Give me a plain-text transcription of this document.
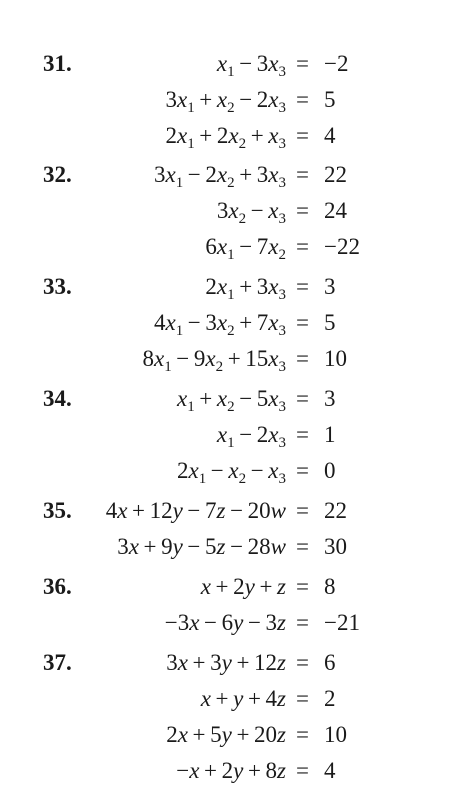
31.	$x_1 - 3x_3 = -2$
$3x_1 + x_2 - 2x_3 = 5$
$2x_1 + 2x_2 + x_3 = 4$
32.	$3x_1 - 2x_2 + 3x_3 = 22$
$3x_2 - x_3 = 24$
$6x_1 - 7x_2 = -22$
33.	$2x_1 + 3x_3 = 3$
$4x_1 - 3x_2 + 7x_3 = 5$
$8x_1 - 9x_2 + 15x_3 = 10$
34.	$x_1 + x_2 - 5x_3 = 3$
$x_1 - 2x_3 = 1$
$2x_1 - x_2 - x_3 = 0$
35. 4x + 12y − 7z − 20w = 22
3x + 9y − 5z − 28w = 30
36.	x + 2y + z = 8
−3x − 6y − 3z = −21
37.	3x + 3y + 12z = 6
x + y + 4z = 2
2x + 5y + 20z = 10
−x + 2y + 8z = 4
